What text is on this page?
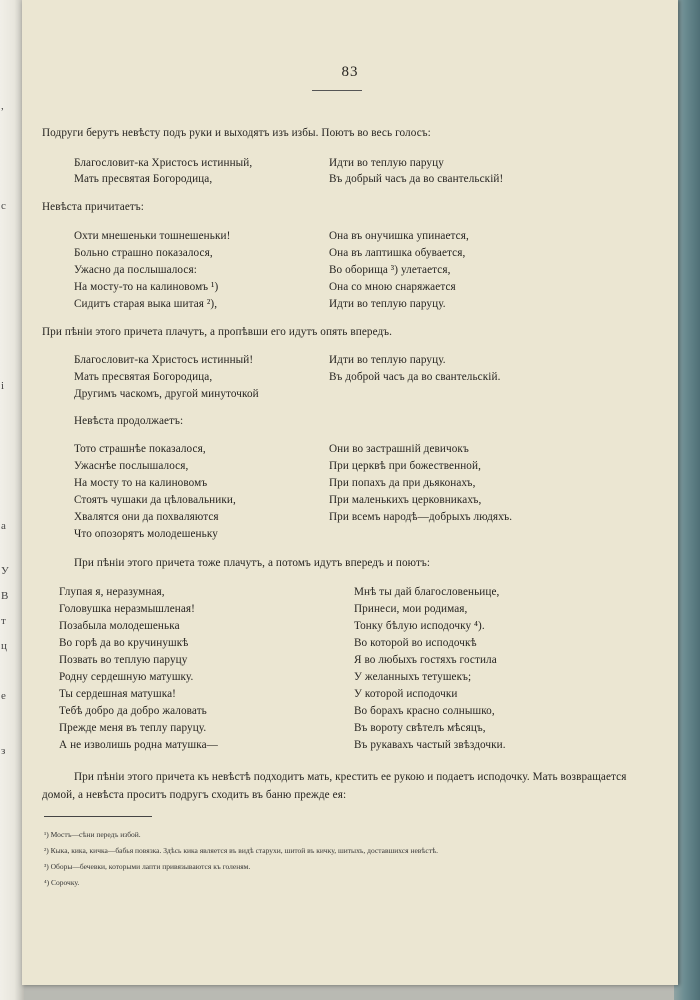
,
с
і
а
У
В
т
ц
е
з
83
Подруги берутъ невѣсту подъ руки и выходятъ изъ избы. Поютъ во весь голосъ:
Благословит-ка Христосъ истинный,
Мать пресвятая Богородица,
Идти во теплую паруцу
Въ добрый часъ да во свантельскій!
Невѣста причитаетъ:
Охти мнешеньки тошнешеньки!
Больно страшно показалося,
Ужасно да послышалося:
На мосту-то на калиновомъ ¹)
Сидитъ старая выка шитая ²),
Она въ онучишка упинается,
Она въ лаптишка обувается,
Во оборища ³) улетается,
Она со мною снаряжается
Идти во теплую паруцу.
При пѣніи этого причета плачутъ, а пропѣвши его идутъ опять впередъ.
Благословит-ка Христосъ истинный!
Мать пресвятая Богородица,
Другимъ часкомъ, другой минуточкой
Идти во теплую паруцу.
Въ доброй часъ да во свантельскій.
Невѣста продолжаетъ:
Тото страшнѣе показалося,
Ужаснѣе послышалося,
На мосту то на калиновомъ
Стоятъ чушаки да цѣловальники,
Хвалятся они да похваляются
Что опозорятъ молодешеньку
Они во застрашній девичокъ
При церквѣ при божественной,
При попахъ да при дьяконахъ,
При маленькихъ церковникахъ,
При всемъ народѣ—добрыхъ людяхъ.
При пѣніи этого причета тоже плачутъ, а потомъ идутъ впередъ и поютъ:
Глупая я, неразумная,
Головушка неразмышленая!
Позабыла молодешенька
Во горѣ да во кручинушкѣ
Позвать во теплую паруцу
Родну сердешную матушку.
Ты сердешная матушка!
Тебѣ добро да добро жаловать
Прежде меня въ теплу паруцу.
А не изволишь родна матушка—
Мнѣ ты дай благословеньице,
Принеси, мои родимая,
Тонку бѣлую исподочку ⁴).
Во которой во исподочкѣ
Я во любыхъ гостяхъ гостила
У желанныхъ тетушекъ;
У которой исподочки
Во борахъ красно солнышко,
Въ вороту свѣтелъ мѣсяцъ,
Въ рукавахъ частый звѣздочки.
При пѣніи этого причета къ невѣстѣ подходитъ мать, крестить ее рукою и подаетъ исподочку. Мать возвращается домой, а невѣста проситъ подругъ сходить въ баню прежде ея:
¹) Мостъ—сѣни передъ избой.
²) Кыка, кика, кичка—бабья повязка. Здѣсь кика является въ видѣ старухи, шитой въ кичку, шитыхъ, доставшихся невѣстѣ.
³) Оборы—бечевки, которыми лапти привязываются къ голеням.
⁴) Сорочку.
